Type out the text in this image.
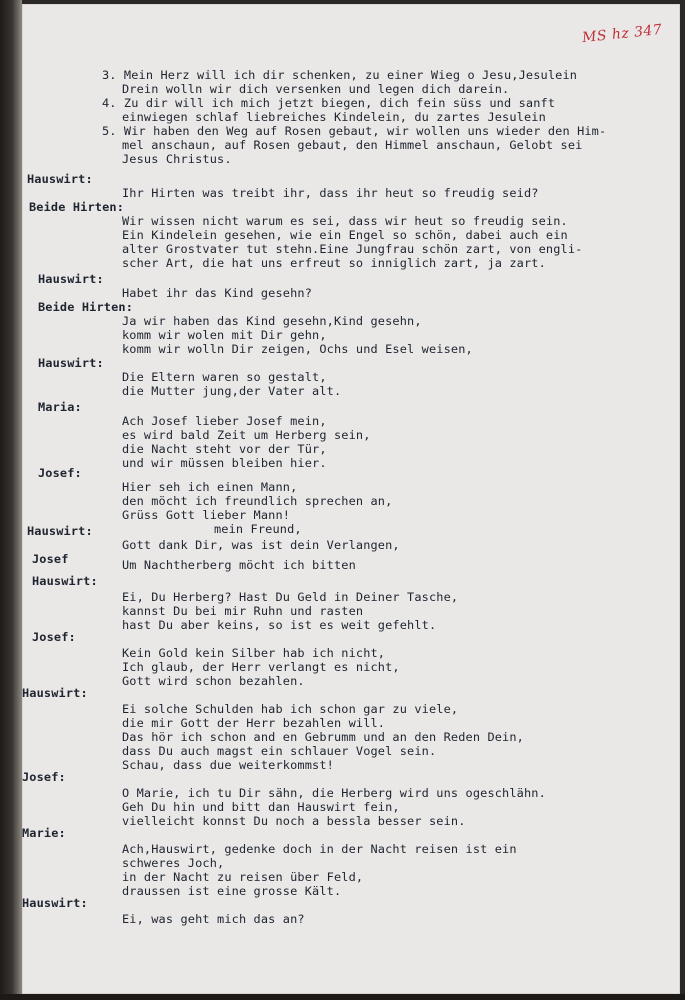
MS hz 347
3. Mein Herz will ich dir schenken, zu einer Wieg o Jesu,Jesulein
Drein wolln wir dich versenken und legen dich darein.
4. Zu dir will ich mich jetzt biegen, dich fein süss und sanft
einwiegen schlaf liebreiches Kindelein, du zartes Jesulein
5. Wir haben den Weg auf Rosen gebaut, wir wollen uns wieder den Him-
mel anschaun, auf Rosen gebaut, den Himmel anschaun, Gelobt sei
Jesus Christus.
Hauswirt:
Ihr Hirten was treibt ihr, dass ihr heut so freudig seid?
Beide Hirten:
Wir wissen nicht warum es sei, dass wir heut so freudig sein.
Ein Kindelein gesehen, wie ein Engel so schön, dabei auch ein
alter Grostvater tut stehn.Eine Jungfrau schön zart, von engli-
scher Art, die hat uns erfreut so inniglich zart, ja zart.
Hauswirt:
Habet ihr das Kind gesehn?
Beide Hirten:
Ja wir haben das Kind gesehn,Kind gesehn,
komm wir wolen mit Dir gehn,
komm wir wolln Dir zeigen, Ochs und Esel weisen,
Hauswirt:
Die Eltern waren so gestalt,
die Mutter jung,der Vater alt.
Maria:
Ach Josef lieber Josef mein,
es wird bald Zeit um Herberg sein,
die Nacht steht vor der Tür,
und wir müssen bleiben hier.
Josef:
Hier seh ich einen Mann,
den möcht ich freundlich sprechen an,
Grüss Gott lieber Mann!
mein Freund,
Hauswirt:
Gott dank Dir, was ist dein Verlangen,
Josef	Um Nachtherberg möcht ich bitten
Hauswirt:
Ei, Du Herberg? Hast Du Geld in Deiner Tasche,
kannst Du bei mir Ruhn und rasten
hast Du aber keins, so ist es weit gefehlt.
Josef:
Kein Gold kein Silber hab ich nicht,
Ich glaub, der Herr verlangt es nicht,
Gott wird schon bezahlen.
Hauswirt:
Ei solche Schulden hab ich schon gar zu viele,
die mir Gott der Herr bezahlen will.
Das hör ich schon and en Gebrumm und an den Reden Dein,
dass Du auch magst ein schlauer Vogel sein.
Schau, dass due weiterkommst!
Josef:
O Marie, ich tu Dir sähn, die Herberg wird uns ogeschlähn.
Geh Du hin und bitt dan Hauswirt fein,
vielleicht konnst Du noch a bessla besser sein.
Marie:
Ach,Hauswirt, gedenke doch in der Nacht reisen ist ein
schweres Joch,
in der Nacht zu reisen über Feld,
draussen ist eine grosse Kält.
Hauswirt:
Ei, was geht mich das an?
